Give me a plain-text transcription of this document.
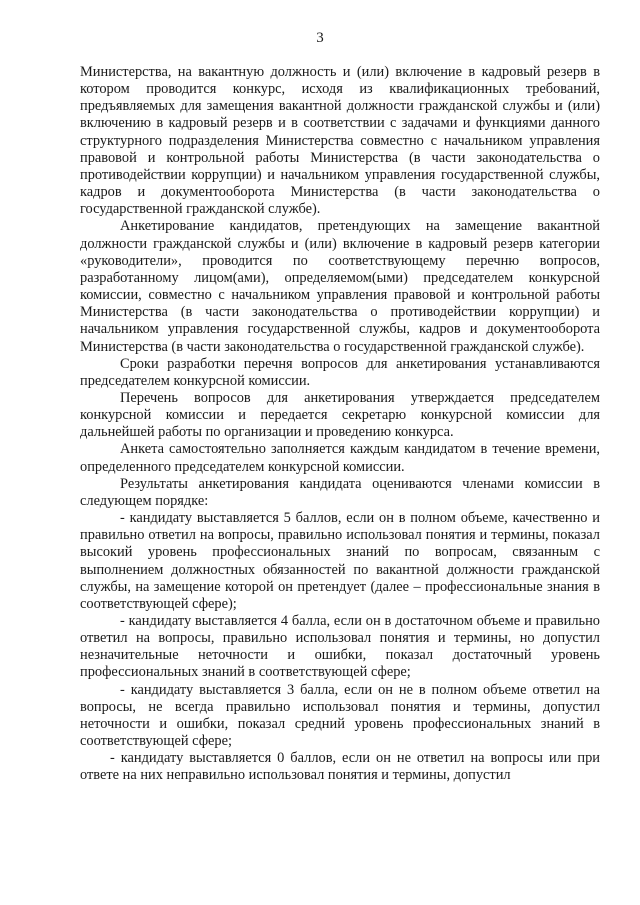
3

Министерства, на вакантную должность и (или) включение в кадровый резерв в котором проводится конкурс, исходя из квалификационных требований, предъявляемых для замещения вакантной должности гражданской службы и (или) включению в кадровый резерв и в соответствии с задачами и функциями данного структурного подразделения Министерства совместно с начальником управления правовой и контрольной работы Министерства (в части законодательства о противодействии коррупции) и начальником управления государственной службы, кадров и документооборота Министерства (в части законодательства о государственной гражданской службе).

Анкетирование кандидатов, претендующих на замещение вакантной должности гражданской службы и (или) включение в кадровый резерв категории «руководители», проводится по соответствующему перечню вопросов, разработанному лицом(ами), определяемом(ыми) председателем конкурсной комиссии, совместно с начальником управления правовой и контрольной работы Министерства (в части законодательства о противодействии коррупции) и начальником управления государственной службы, кадров и документооборота Министерства (в части законодательства о государственной гражданской службе).

Сроки разработки перечня вопросов для анкетирования устанавливаются председателем конкурсной комиссии.

Перечень вопросов для анкетирования утверждается председателем конкурсной комиссии и передается секретарю конкурсной комиссии для дальнейшей работы по организации и проведению конкурса.

Анкета самостоятельно заполняется каждым кандидатом в течение времени, определенного председателем конкурсной комиссии.

Результаты анкетирования кандидата оцениваются членами комиссии в следующем порядке:

- кандидату выставляется 5 баллов, если он в полном объеме, качественно и правильно ответил на вопросы, правильно использовал понятия и термины, показал высокий уровень профессиональных знаний по вопросам, связанным с выполнением должностных обязанностей по вакантной должности гражданской службы, на замещение которой он претендует (далее – профессиональные знания в соответствующей сфере);

- кандидату выставляется 4 балла, если он в достаточном объеме и правильно ответил на вопросы, правильно использовал понятия и термины, но допустил незначительные неточности и ошибки, показал достаточный уровень профессиональных знаний в соответствующей сфере;

- кандидату выставляется 3 балла, если он не в полном объеме ответил на вопросы, не всегда правильно использовал понятия и термины, допустил неточности и ошибки, показал средний уровень профессиональных знаний в соответствующей сфере;

- кандидату выставляется 0 баллов, если он не ответил на вопросы или при ответе на них неправильно использовал понятия и термины, допустил
